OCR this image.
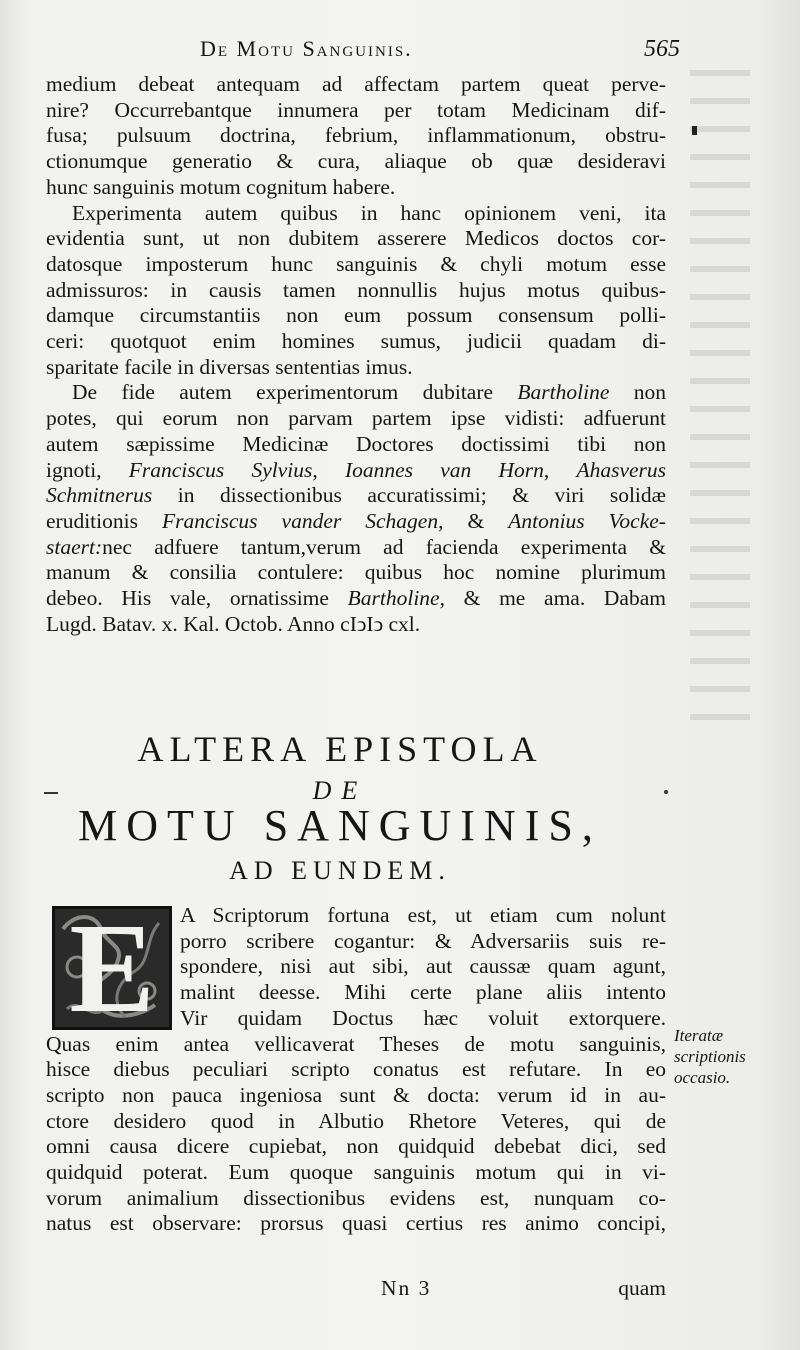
De Motu Sanguinis.	565
medium debeat antequam ad affectam partem queat perve-
nire? Occurrebantque innumera per totam Medicinam dif-
fusa; pulsuum doctrina, febrium, inflammationum, obstru-
ctionumque generatio & cura, aliaque ob quæ desideravi
hunc sanguinis motum cognitum habere.
Experimenta autem quibus in hanc opinionem veni, ita
evidentia sunt, ut non dubitem asserere Medicos doctos cor-
datosque imposterum hunc sanguinis & chyli motum esse
admissuros: in causis tamen nonnullis hujus motus quibus-
damque circumstantiis non eum possum consensum polli-
ceri: quotquot enim homines sumus, judicii quadam di-
sparitate facile in diversas sententias imus.
De fide autem experimentorum dubitare Bartholine non
potes, qui eorum non parvam partem ipse vidisti: adfuerunt
autem sæpissime Medicinæ Doctores doctissimi tibi non
ignoti, Franciscus Sylvius, Ioannes van Horn, Ahasverus
Schmitnerus in dissectionibus accuratissimi; & viri solidæ
eruditionis Franciscus vander Schagen, & Antonius Vocke-
staert:nec adfuere tantum,verum ad facienda experimenta &
manum & consilia contulere: quibus hoc nomine plurimum
debeo. His vale, ornatissime Bartholine, & me ama. Dabam
Lugd. Batav. x. Kal. Octob. Anno cIↄIↄ cxl.
ALTERA EPISTOLA
DE
MOTU SANGUINIS,
AD EUNDEM.
E	A Scriptorum fortuna est, ut etiam cum nolunt
porro scribere cogantur: & Adversariis suis re-
spondere, nisi aut sibi, aut caussæ quam agunt,
malint deesse. Mihi certe plane aliis intento
Vir quidam Doctus hæc voluit extorquere.
Quas enim antea vellicaverat Theses de motu sanguinis,
hisce diebus peculiari scripto conatus est refutare. In eo
scripto non pauca ingeniosa sunt & docta: verum id in au-
ctore desidero quod in Albutio Rhetore Veteres, qui de
omni causa dicere cupiebat, non quidquid debebat dici, sed
quidquid poterat. Eum quoque sanguinis motum qui in vi-
vorum animalium dissectionibus evidens est, nunquam co-
natus est observare: prorsus quasi certius res animo concipi,
Iteratæ
scriptionis
occasio.
Nn 3	quam
